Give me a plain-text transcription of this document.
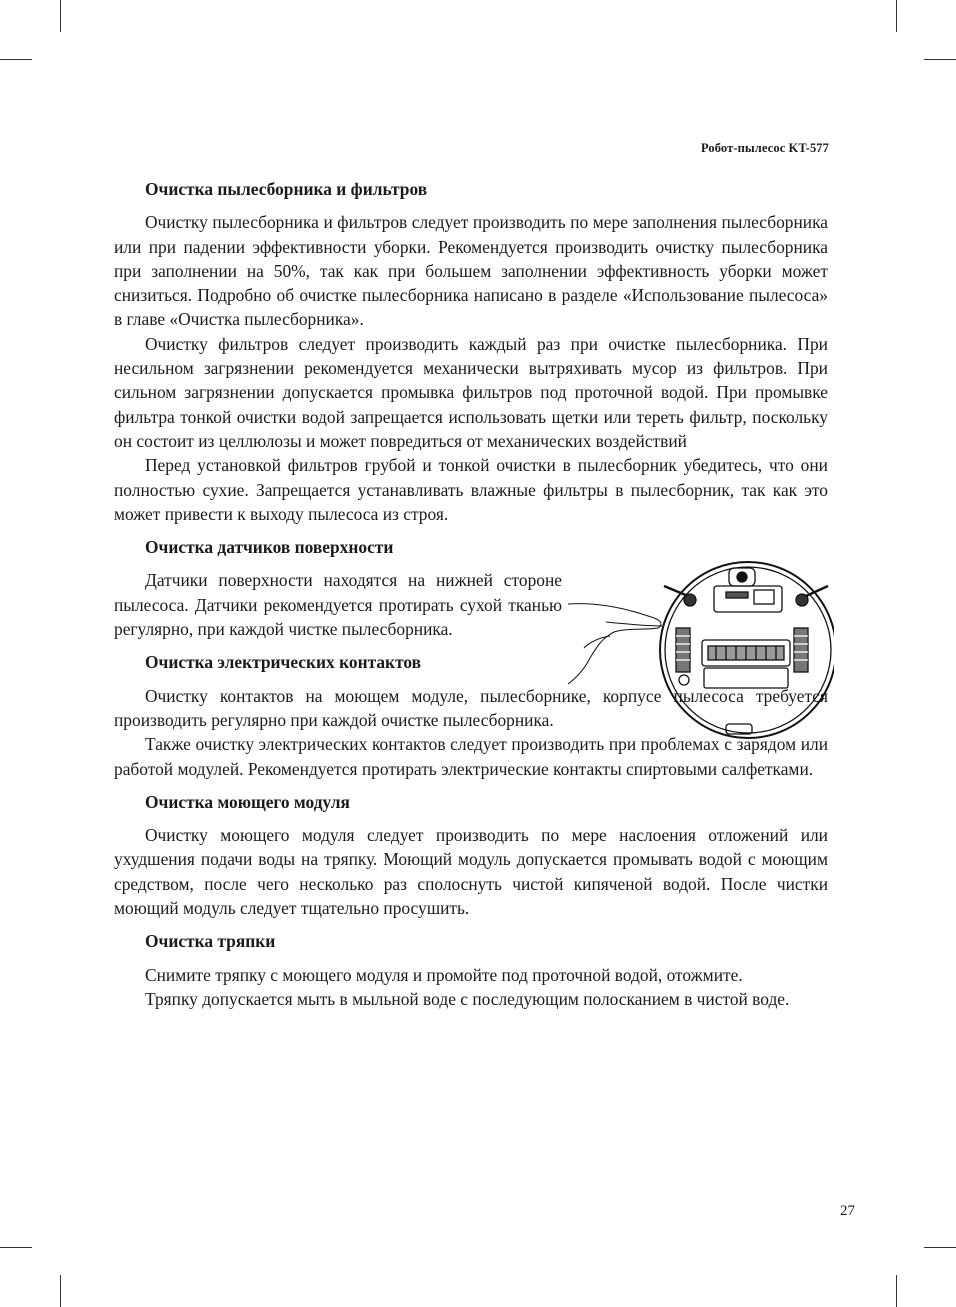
Робот-пылесос KT-577
Очистка пылесборника и фильтров

Очистку пылесборника и фильтров следует производить по мере заполнения пылесборника или при падении эффективности уборки. Рекомендуется производить очистку пылесборника при заполнении на 50%, так как при большем заполнении эффективность уборки может снизиться. Подробно об очистке пылесборника написано в разделе «Использование пылесоса» в главе «Очистка пылесборника».

Очистку фильтров следует производить каждый раз при очистке пылесборника. При несильном загрязнении рекомендуется механически вытряхивать мусор из фильтров. При сильном загрязнении допускается промывка фильтров под проточной водой. При промывке фильтра тонкой очистки водой запрещается использовать щетки или тереть фильтр, поскольку он состоит из целлюлозы и может повредиться от механических воздействий

Перед установкой фильтров грубой и тонкой очистки в пылесборник убедитесь, что они полностью сухие. Запрещается устанавливать влажные фильтры в пылесборник, так как это может привести к выходу пылесоса из строя.

Очистка датчиков поверхности

Датчики поверхности находятся на нижней стороне пылесоса. Датчики рекомендуется протирать сухой тканью регулярно, при каждой чистке пылесборника.

Очистка электрических контактов

Очистку контактов на моющем модуле, пылесборнике, корпусе пылесоса требуется производить регулярно при каждой очистке пылесборника.

Также очистку электрических контактов следует производить при проблемах с зарядом или работой модулей. Рекомендуется протирать электрические контакты спиртовыми салфетками.

Очистка моющего модуля

Очистку моющего модуля следует производить по мере наслоения отложений или ухудшения подачи воды на тряпку. Моющий модуль допускается промывать водой с моющим средством, после чего несколько раз сполоснуть чистой кипяченой водой. После чистки моющий модуль следует тщательно просушить.

Очистка тряпки

Снимите тряпку с моющего модуля и промойте под проточной водой, отожмите.

Тряпку допускается мыть в мыльной воде с последующим полосканием в чистой воде.

27
